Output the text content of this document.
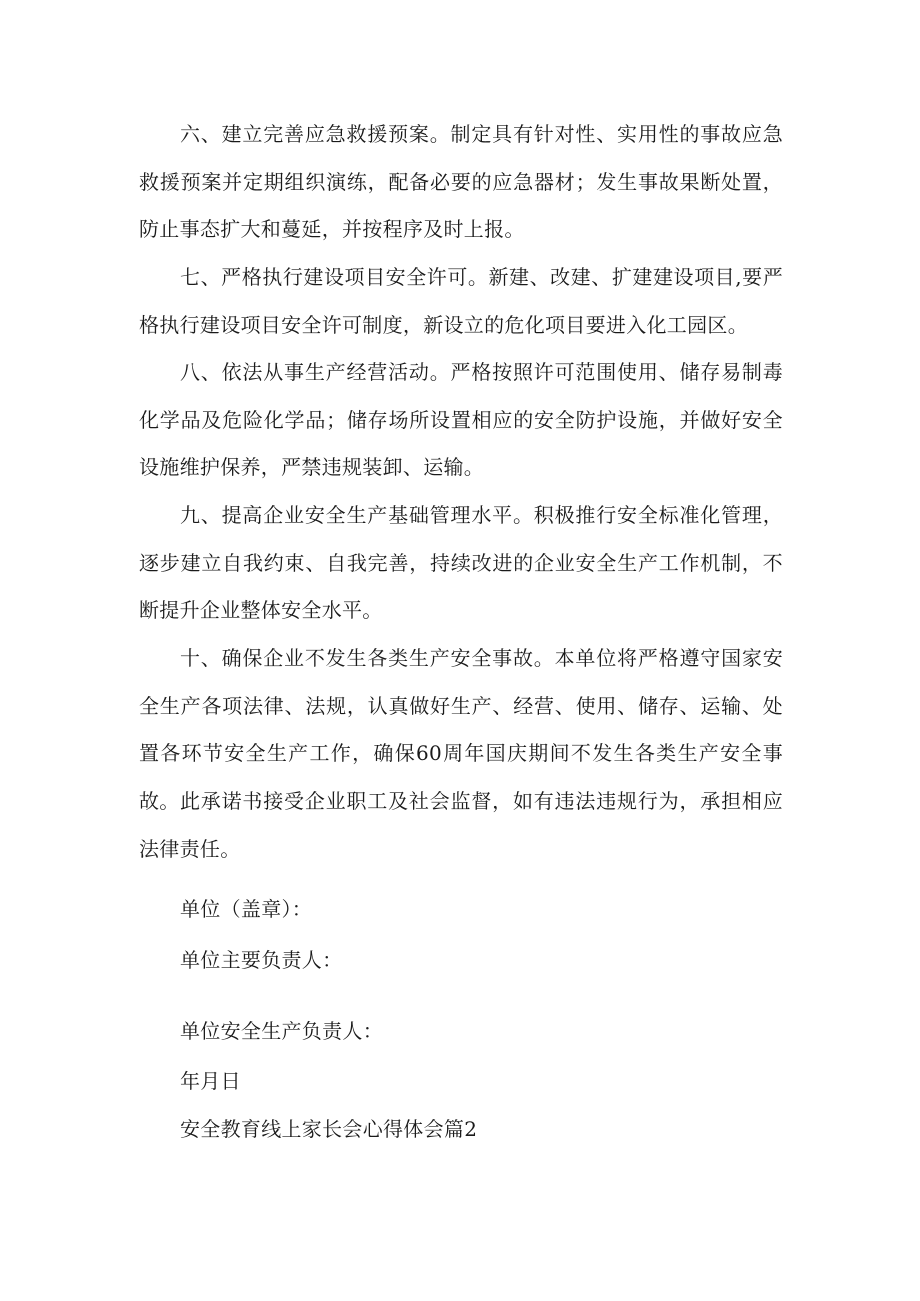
六、建立完善应急救援预案。制定具有针对性、实用性的事故应急救援预案并定期组织演练，配备必要的应急器材；发生事故果断处置，防止事态扩大和蔓延，并按程序及时上报。

七、严格执行建设项目安全许可。新建、改建、扩建建设项目,要严格执行建设项目安全许可制度，新设立的危化项目要进入化工园区。

八、依法从事生产经营活动。严格按照许可范围使用、储存易制毒化学品及危险化学品；储存场所设置相应的安全防护设施，并做好安全设施维护保养，严禁违规装卸、运输。

九、提高企业安全生产基础管理水平。积极推行安全标准化管理，逐步建立自我约束、自我完善，持续改进的企业安全生产工作机制，不断提升企业整体安全水平。

十、确保企业不发生各类生产安全事故。本单位将严格遵守国家安全生产各项法律、法规，认真做好生产、经营、使用、储存、运输、处置各环节安全生产工作，确保60周年国庆期间不发生各类生产安全事故。 此承诺书接受企业职工及社会监督，如有违法违规行为，承担相应法律责任。

单位（盖章）：

单位主要负责人：

单位安全生产负责人：

年月日

安全教育线上家长会心得体会篇2
